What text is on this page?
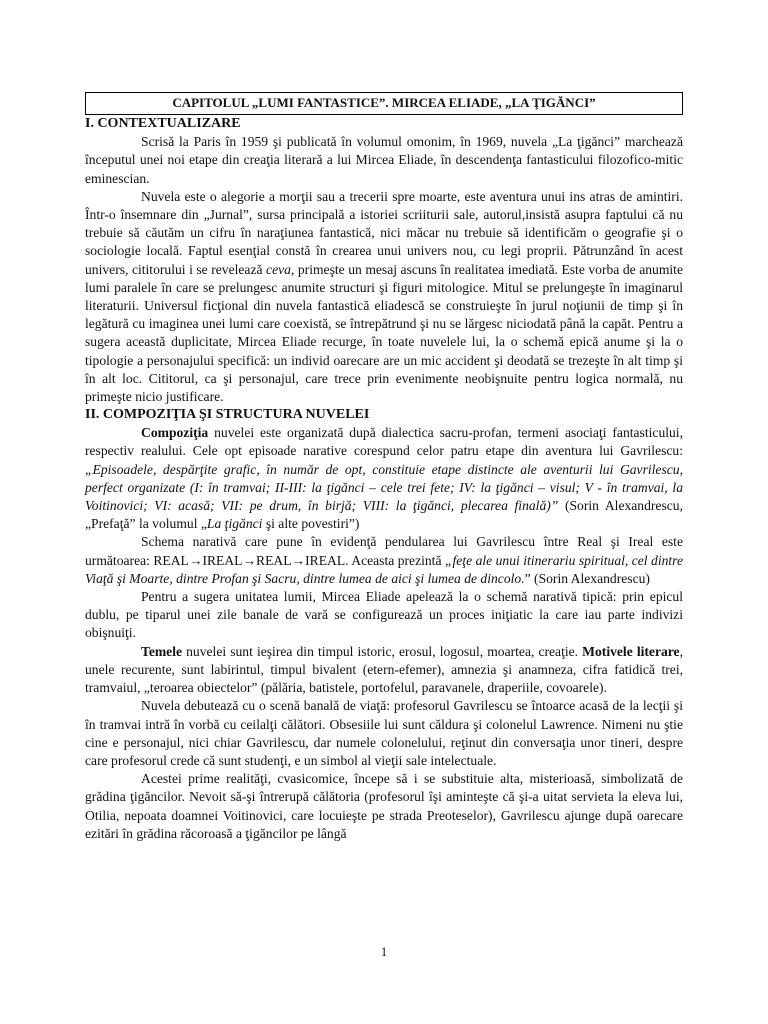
CAPITOLUL „LUMI FANTASTICE”. MIRCEA ELIADE, „LA ŢIGĂNCI”
I. CONTEXTUALIZARE

Scrisă la Paris în 1959 şi publicată în volumul omonim, în 1969, nuvela „La ţigănci” marchează începutul unei noi etape din creaţia literară a lui Mircea Eliade, în descendenţa fantasticului filozofico-mitic eminescian.

Nuvela este o alegorie a morţii sau a trecerii spre moarte, este aventura unui ins atras de amintiri. Într-o însemnare din „Jurnal”, sursa principală a istoriei scriiturii sale, autorul,insistă asupra faptului că nu trebuie să căutăm un cifru în naraţiunea fantastică, nici măcar nu trebuie să identificăm o geografie şi o sociologie locală. Faptul esenţial constă în crearea unui univers nou, cu legi proprii. Pătrunzând în acest univers, cititorului i se revelează ceva, primeşte un mesaj ascuns în realitatea imediată. Este vorba de anumite lumi paralele în care se prelungesc anumite structuri şi figuri mitologice. Mitul se prelungeşte în imaginarul literaturii. Universul ficţional din nuvela fantastică eliadescă se construieşte în jurul noţiunii de timp şi în legătură cu imaginea unei lumi care coexistă, se întrepătrund şi nu se lărgesc niciodată până la capăt. Pentru a sugera această duplicitate, Mircea Eliade recurge, în toate nuvelele lui, la o schemă epică anume şi la o tipologie a personajului specifică: un individ oarecare are un mic accident şi deodată se trezeşte în alt timp şi în alt loc. Cititorul, ca şi personajul, care trece prin evenimente neobişnuite pentru logica normală, nu primeşte nicio justificare.

II. COMPOZIŢIA ŞI STRUCTURA NUVELEI

Compoziţia nuvelei este organizată după dialectica sacru-profan, termeni asociaţi fantasticului, respectiv realului. Cele opt episoade narative corespund celor patru etape din aventura lui Gavrilescu: „Episoadele, despărţite grafic, în număr de opt, constituie etape distincte ale aventurii lui Gavrilescu, perfect organizate (I: în tramvai; II-III: la ţigănci – cele trei fete; IV: la ţigănci – visul; V - în tramvai, la Voitinovici; VI: acasă; VII: pe drum, în birjă; VIII: la ţigănci, plecarea finală)” (Sorin Alexandrescu, „Prefaţă” la volumul „La ţigănci şi alte povestiri”)

Schema narativă care pune în evidenţă pendularea lui Gavrilescu între Real şi Ireal este următoarea: REAL→IREAL→REAL→IREAL. Aceasta prezintă „feţe ale unui itinerariu spiritual, cel dintre Viaţă şi Moarte, dintre Profan şi Sacru, dintre lumea de aici şi lumea de dincolo.” (Sorin Alexandrescu)

Pentru a sugera unitatea lumii, Mircea Eliade apelează la o schemă narativă tipică: prin epicul dublu, pe tiparul unei zile banale de vară se configurează un proces iniţiatic la care iau parte indivizi obişnuiţi.

Temele nuvelei sunt ieşirea din timpul istoric, erosul, logosul, moartea, creaţie. Motivele literare, unele recurente, sunt labirintul, timpul bivalent (etern-efemer), amnezia şi anamneza, cifra fatidică trei, tramvaiul, „teroarea obiectelor” (pălăria, batistele, portofelul, paravanele, draperiile, covoarele).

Nuvela debutează cu o scenă banală de viaţă: profesorul Gavrilescu se întoarce acasă de la lecţii şi în tramvai intră în vorbă cu ceilalţi călători. Obsesiile lui sunt căldura şi colonelul Lawrence. Nimeni nu ştie cine e personajul, nici chiar Gavrilescu, dar numele colonelului, reţinut din conversaţia unor tineri, despre care profesorul crede că sunt studenţi, e un simbol al vieţii sale intelectuale.

Acestei prime realităţi, cvasicomice, începe să i se substituie alta, misterioasă, simbolizată de grădina ţigăncilor. Nevoit să-şi întrerupă călătoria (profesorul îşi aminteşte că şi-a uitat servieta la eleva lui, Otilia, nepoata doamnei Voitinovici, care locuieşte pe strada Preoteselor), Gavrilescu ajunge după oarecare ezitări în grădina răcoroasă a ţigăncilor pe lângă

1
